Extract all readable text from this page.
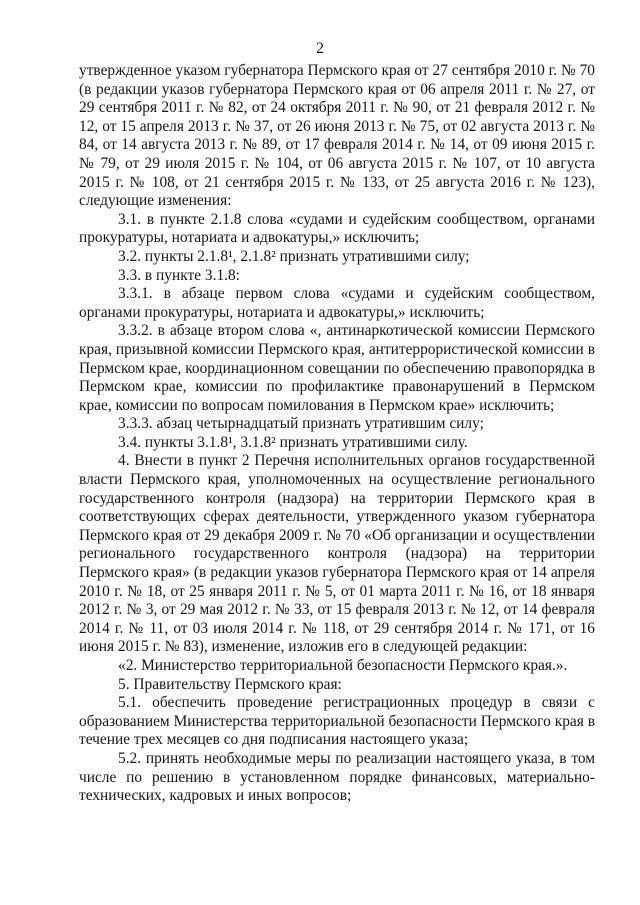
2

утвержденное указом губернатора Пермского края от 27 сентября 2010 г. № 70 (в редакции указов губернатора Пермского края от 06 апреля 2011 г. № 27, от 29 сентября 2011 г. № 82, от 24 октября 2011 г. № 90, от 21 февраля 2012 г. № 12, от 15 апреля 2013 г. № 37, от 26 июня 2013 г. № 75, от 02 августа 2013 г. № 84, от 14 августа 2013 г. № 89, от 17 февраля 2014 г. № 14, от 09 июня 2015 г. № 79, от 29 июля 2015 г. № 104, от 06 августа 2015 г. № 107, от 10 августа 2015 г. № 108, от 21 сентября 2015 г. № 133, от 25 августа 2016 г. № 123), следующие изменения:

3.1. в пункте 2.1.8 слова «судами и судейским сообществом, органами прокуратуры, нотариата и адвокатуры,» исключить;

3.2. пункты 2.1.8¹, 2.1.8² признать утратившими силу;

3.3. в пункте 3.1.8:

3.3.1. в абзаце первом слова «судами и судейским сообществом, органами прокуратуры, нотариата и адвокатуры,» исключить;

3.3.2. в абзаце втором слова «, антинаркотической комиссии Пермского края, призывной комиссии Пермского края, антитеррористической комиссии в Пермском крае, координационном совещании по обеспечению правопорядка в Пермском крае, комиссии по профилактике правонарушений в Пермском крае, комиссии по вопросам помилования в Пермском крае» исключить;

3.3.3. абзац четырнадцатый признать утратившим силу;

3.4. пункты 3.1.8¹, 3.1.8² признать утратившими силу.

4. Внести в пункт 2 Перечня исполнительных органов государственной власти Пермского края, уполномоченных на осуществление регионального государственного контроля (надзора) на территории Пермского края в соответствующих сферах деятельности, утвержденного указом губернатора Пермского края от 29 декабря 2009 г. № 70 «Об организации и осуществлении регионального государственного контроля (надзора) на территории Пермского края» (в редакции указов губернатора Пермского края от 14 апреля 2010 г. № 18, от 25 января 2011 г. № 5, от 01 марта 2011 г. № 16, от 18 января 2012 г. № 3, от 29 мая 2012 г. № 33, от 15 февраля 2013 г. № 12, от 14 февраля 2014 г. № 11, от 03 июля 2014 г. № 118, от 29 сентября 2014 г. № 171, от 16 июня 2015 г. № 83), изменение, изложив его в следующей редакции:

«2. Министерство территориальной безопасности Пермского края.».

5. Правительству Пермского края:

5.1. обеспечить проведение регистрационных процедур в связи с образованием Министерства территориальной безопасности Пермского края в течение трех месяцев со дня подписания настоящего указа;

5.2. принять необходимые меры по реализации настоящего указа, в том числе по решению в установленном порядке финансовых, материально-технических, кадровых и иных вопросов;
